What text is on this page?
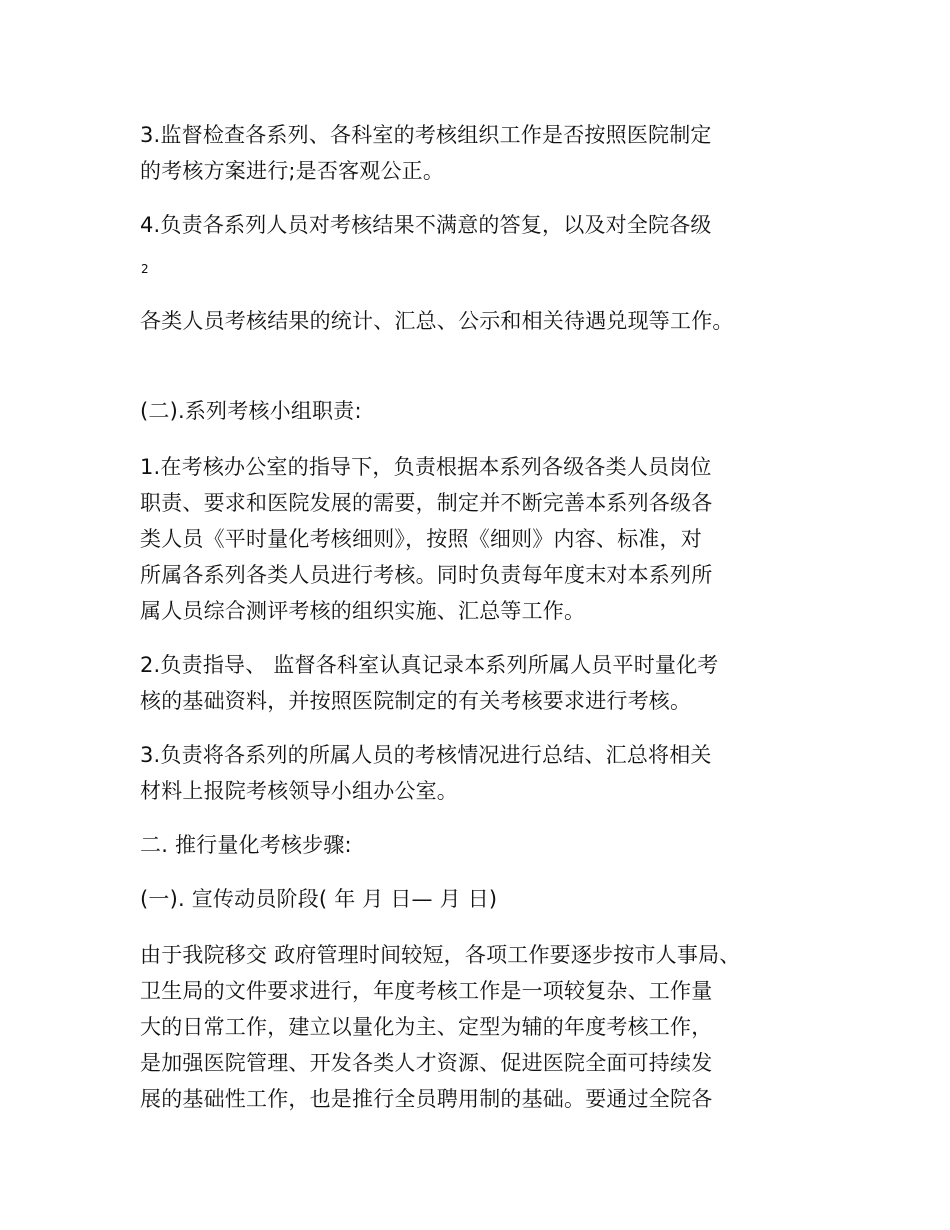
3.监督检查各系列、各科室的考核组织工作是否按照医院制定
的考核方案进行;是否客观公正。
4.负责各系列人员对考核结果不满意的答复，以及对全院各级
2
各类人员考核结果的统计、汇总、公示和相关待遇兑现等工作。
(二).系列考核小组职责:
1.在考核办公室的指导下，负责根据本系列各级各类人员岗位
职责、要求和医院发展的需要，制定并不断完善本系列各级各
类人员《平时量化考核细则》，按照《细则》内容、标准，对
所属各系列各类人员进行考核。同时负责每年度末对本系列所
属人员综合测评考核的组织实施、汇总等工作。
2.负责指导、 监督各科室认真记录本系列所属人员平时量化考
核的基础资料，并按照医院制定的有关考核要求进行考核。
3.负责将各系列的所属人员的考核情况进行总结、汇总将相关
材料上报院考核领导小组办公室。
二. 推行量化考核步骤:
(一). 宣传动员阶段( 年 月 日— 月 日)
由于我院移交 政府管理时间较短，各项工作要逐步按市人事局、
卫生局的文件要求进行，年度考核工作是一项较复杂、工作量
大的日常工作，建立以量化为主、定型为辅的年度考核工作，
是加强医院管理、开发各类人才资源、促进医院全面可持续发
展的基础性工作，也是推行全员聘用制的基础。要通过全院各
